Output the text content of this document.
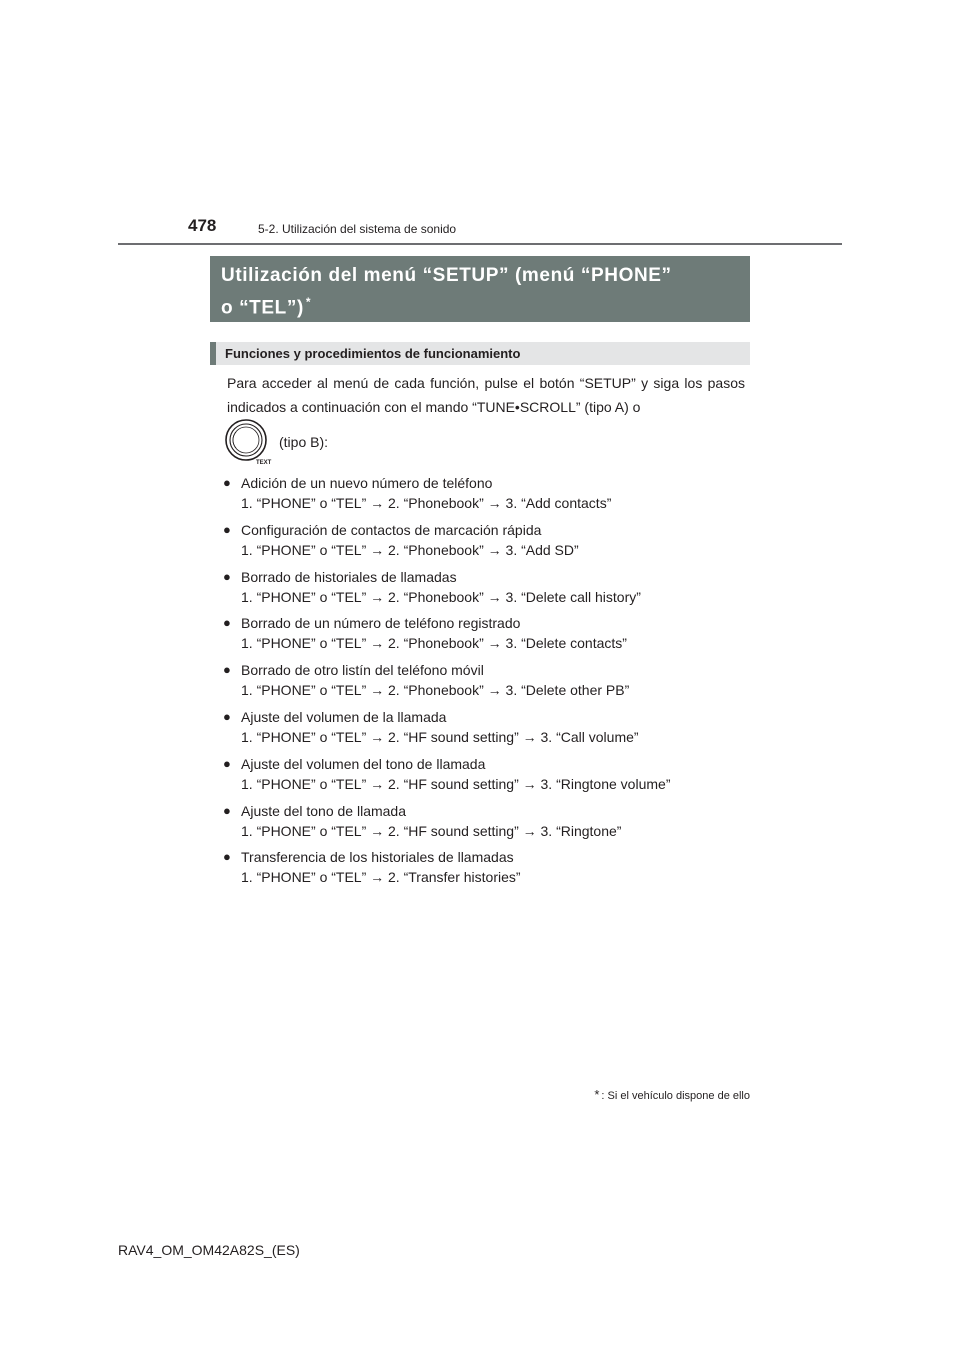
478	5-2. Utilización del sistema de sonido
Utilización del menú “SETUP” (menú “PHONE”
o “TEL”) *
Funciones y procedimientos de funcionamiento

Para acceder al menú de cada función, pulse el botón “SETUP” y siga los pasos indicados a continuación con el mando “TUNE•SCROLL” (tipo A) o

TEXT
(tipo B):
● Adición de un nuevo número de teléfono
1. “PHONE” o “TEL” → 2. “Phonebook” → 3. “Add contacts”
● Configuración de contactos de marcación rápida
1. “PHONE” o “TEL” → 2. “Phonebook” → 3. “Add SD”
● Borrado de historiales de llamadas
1. “PHONE” o “TEL” → 2. “Phonebook” → 3. “Delete call history”
● Borrado de un número de teléfono registrado
1. “PHONE” o “TEL” → 2. “Phonebook” → 3. “Delete contacts”
● Borrado de otro listín del teléfono móvil
1. “PHONE” o “TEL” → 2. “Phonebook” → 3. “Delete other PB”
● Ajuste del volumen de la llamada
1. “PHONE” o “TEL” → 2. “HF sound setting” → 3. “Call volume”
● Ajuste del volumen del tono de llamada
1. “PHONE” o “TEL” → 2. “HF sound setting” → 3. “Ringtone volume”
● Ajuste del tono de llamada
1. “PHONE” o “TEL” → 2. “HF sound setting” → 3. “Ringtone”
● Transferencia de los historiales de llamadas
1. “PHONE” o “TEL” → 2. “Transfer histories”
* : Si el vehículo dispone de ello
RAV4_OM_OM42A82S_(ES)
